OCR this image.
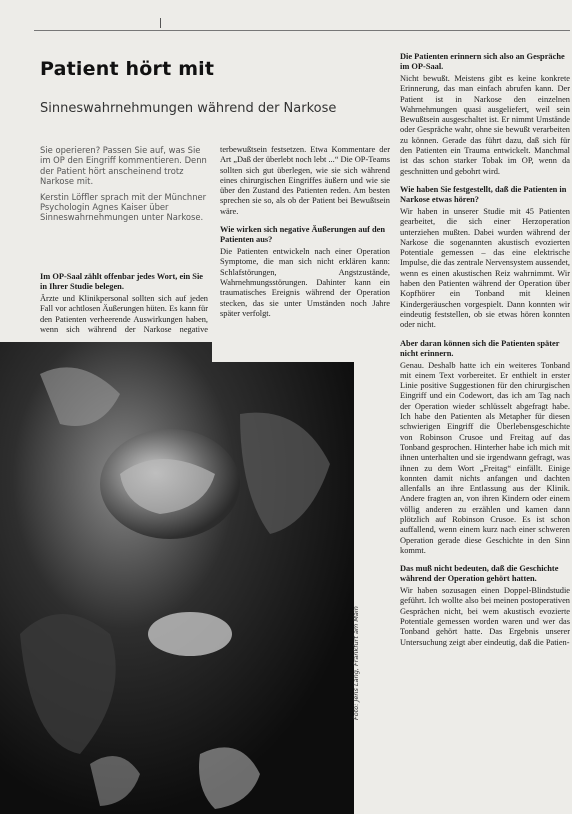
Patient hört mit
Sinneswahrnehmungen während der Narkose

Sie operieren? Passen Sie auf, was Sie im OP den Eingriff kommentieren. Denn der Patient hört anscheinend trotz Narkose mit.

Kerstin Löffler sprach mit der Münchner Psychologin Agnes Kaiser über Sinneswahrnehmungen unter Narkose.

Im OP-Saal zählt offenbar jedes Wort, ein Sie in Ihrer Studie belegen.

Ärzte und Klinikpersonal sollten sich auf jeden Fall vor achtlosen Äußerungen hüten. Es kann für den Patienten verheerende Auswirkungen haben, wenn sich während der Narkose negative

terbewußtsein festsetzen. Etwa Kommentare der Art „Daß der überlebt noch lebt ...“ Die OP-Teams sollten sich gut überlegen, wie sie sich während eines chirurgischen Eingriffes äußern und wie sie über den Zustand des Patienten reden. Am besten sprechen sie so, als ob der Patient bei Bewußtsein wäre.

Wie wirken sich negative Äußerungen auf den Patienten aus?

Die Patienten entwickeln nach einer Operation Symptome, die man sich nicht erklären kann: Schlafstörungen, Angstzustände, Wahrnehmungsstörungen. Dahinter kann ein traumatisches Ereignis während der Operation stecken, das sie unter Umständen noch Jahre später verfolgt.

Die Patienten erinnern sich also an Gespräche im OP-Saal.

Nicht bewußt. Meistens gibt es keine konkrete Erinnerung, das man einfach abrufen kann. Der Patient ist in Narkose den einzelnen Wahrnehmungen quasi ausgeliefert, weil sein Bewußtsein ausgeschaltet ist. Er nimmt Umstände oder Gespräche wahr, ohne sie bewußt verarbeiten zu können. Gerade das führt dazu, daß sich für den Patienten ein Trauma entwickelt. Manchmal ist das schon starker Tobak im OP, wenn da geschnitten und gebohrt wird.

Wie haben Sie festgestellt, daß die Patienten in Narkose etwas hören?

Wir haben in unserer Studie mit 45 Patienten gearbeitet, die sich einer Herzoperation unterziehen mußten. Dabei wurden während der Narkose die sogenannten akustisch evozierten Potentiale gemessen – das eine elektrische Impulse, die das zentrale Nervensystem aussendet, wenn es einen akustischen Reiz wahrnimmt. Wir haben den Patienten während der Operation über Kopfhörer ein Tonband mit kleinen Kindergeräuschen vorgespielt. Dann konnten wir eindeutig feststellen, ob sie etwas hören konnten oder nicht.

Aber daran können sich die Patienten später nicht erinnern.

Genau. Deshalb hatte ich ein weiteres Tonband mit einem Text vorbereitet. Er enthielt in erster Linie positive Suggestionen für den chirurgischen Eingriff und ein Codewort, das ich am Tag nach der Operation wieder schlüsselt abgefragt habe. Ich habe den Patienten als Metapher für diesen schwierigen Eingriff die Überlebensgeschichte von Robinson Crusoe und Freitag auf das Tonband gesprochen. Hinterher habe ich mich mit ihnen unterhalten und sie irgendwann gefragt, was ihnen zu dem Wort „Freitag“ einfällt. Einige konnten damit nichts anfangen und dachten allenfalls an ihre Entlassung aus der Klinik. Andere fragten an, von ihren Kindern oder einem völlig anderen zu erzählen und kamen dann plötzlich auf Robinson Crusoe. Es ist schon auffallend, wenn einem kurz nach einer schweren Operation gerade diese Geschichte in den Sinn kommt.

Das muß nicht bedeuten, daß die Geschichte während der Operation gehört hatten.

Wir haben sozusagen einen Doppel-Blindstudie geführt. Ich wollte also bei meinen postoperativen Gesprächen nicht, bei wem akustisch evozierte Potentiale gemessen worden waren und wer das Tonband gehört hatte. Das Ergebnis unserer Untersuchung zeigt aber eindeutig, daß die Patien-

Foto: Jens Lang, Frankfurt am Main
